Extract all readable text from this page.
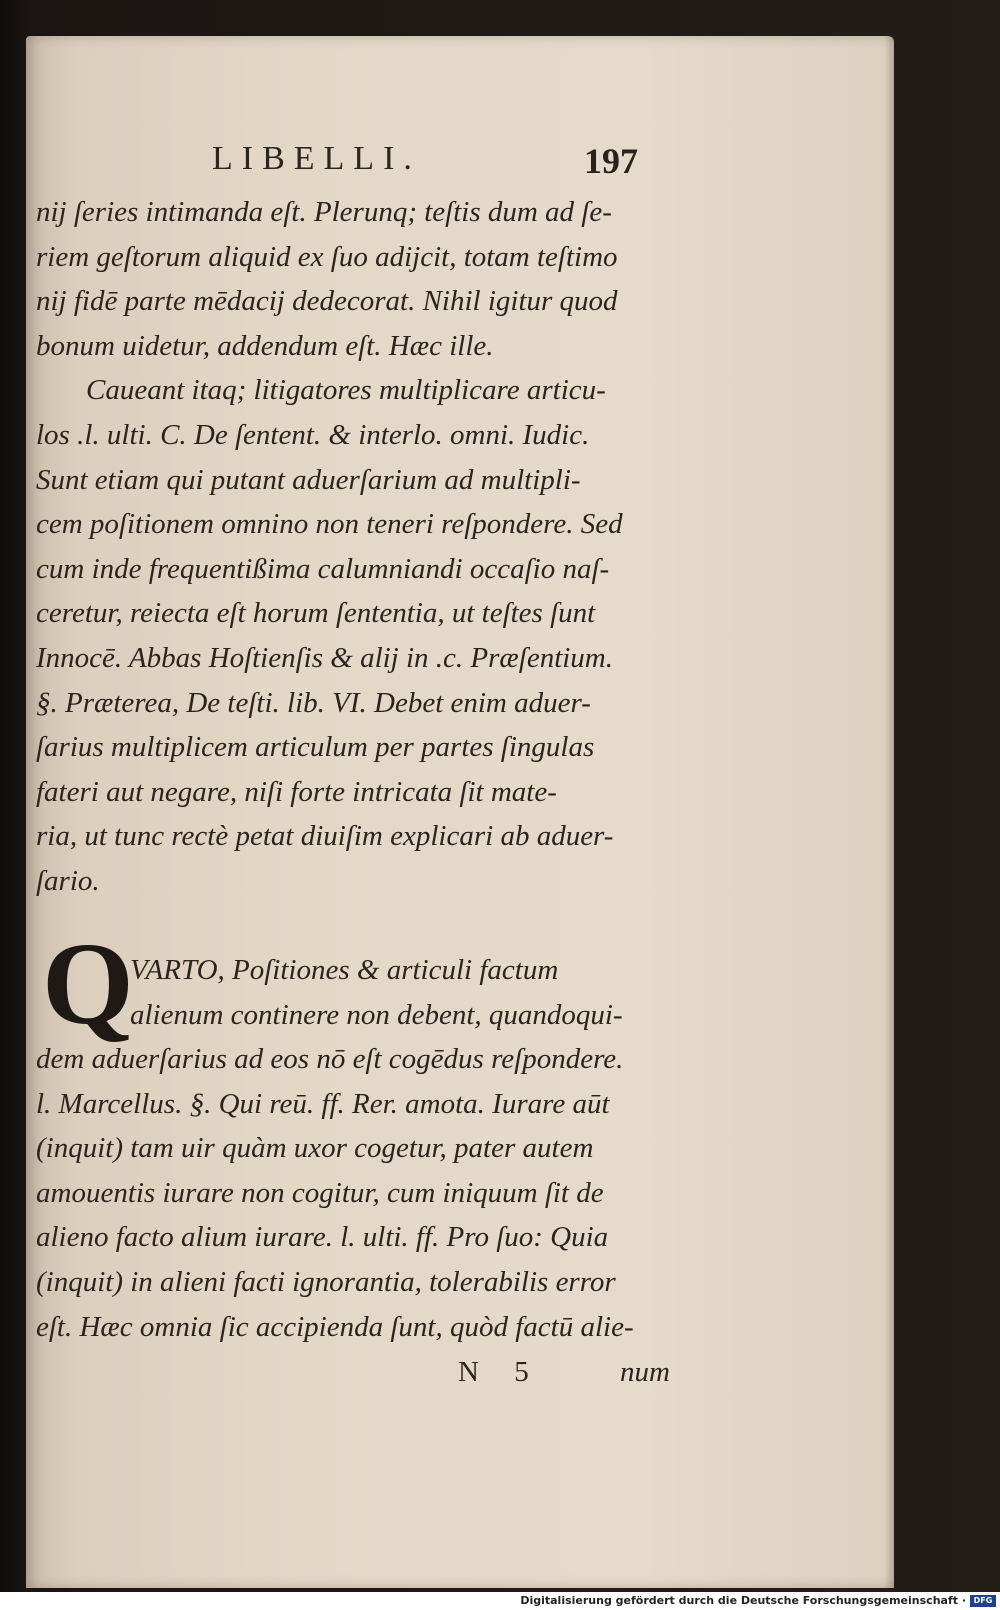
LIBELLI.	197
nij ſeries intimanda eſt. Plerunq; teſtis dum ad ſe-
riem geſtorum aliquid ex ſuo adijcit, totam teſtimo
nij fidē parte mēdacij dedecorat. Nihil igitur quod
bonum uidetur, addendum eſt. Hæc ille.
Caueant itaq; litigatores multiplicare articu-
los .l. ulti. C. De ſentent. & interlo. omni. Iudic.
Sunt etiam qui putant aduerſarium ad multipli-
cem poſitionem omnino non teneri reſpondere. Sed
cum inde frequentißima calumniandi occaſio naſ-
ceretur, reiecta eſt horum ſententia, ut teſtes ſunt
Innocē. Abbas Hoſtienſis & alij in .c. Præſentium.
§. Præterea, De teſti. lib. VI. Debet enim aduer-
ſarius multiplicem articulum per partes ſingulas
fateri aut negare, niſi forte intricata ſit mate-
ria, ut tunc rectè petat diuiſim explicari ab aduer-
ſario.
Q
VARTO, Poſitiones & articuli factum
alienum continere non debent, quandoqui-
dem aduerſarius ad eos nō eſt cogēdus reſpondere.
l. Marcellus. §. Qui reū. ff. Rer. amota. Iurare aūt
(inquit) tam uir quàm uxor cogetur, pater autem
amouentis iurare non cogitur, cum iniquum ſit de
alieno facto alium iurare. l. ulti. ff. Pro ſuo: Quia
(inquit) in alieni facti ignorantia, tolerabilis error
eſt. Hæc omnia ſic accipienda ſunt, quòd factū alie-
N 5	num
Digitalisierung gefördert durch die Deutsche Forschungsgemeinschaft · DFG
